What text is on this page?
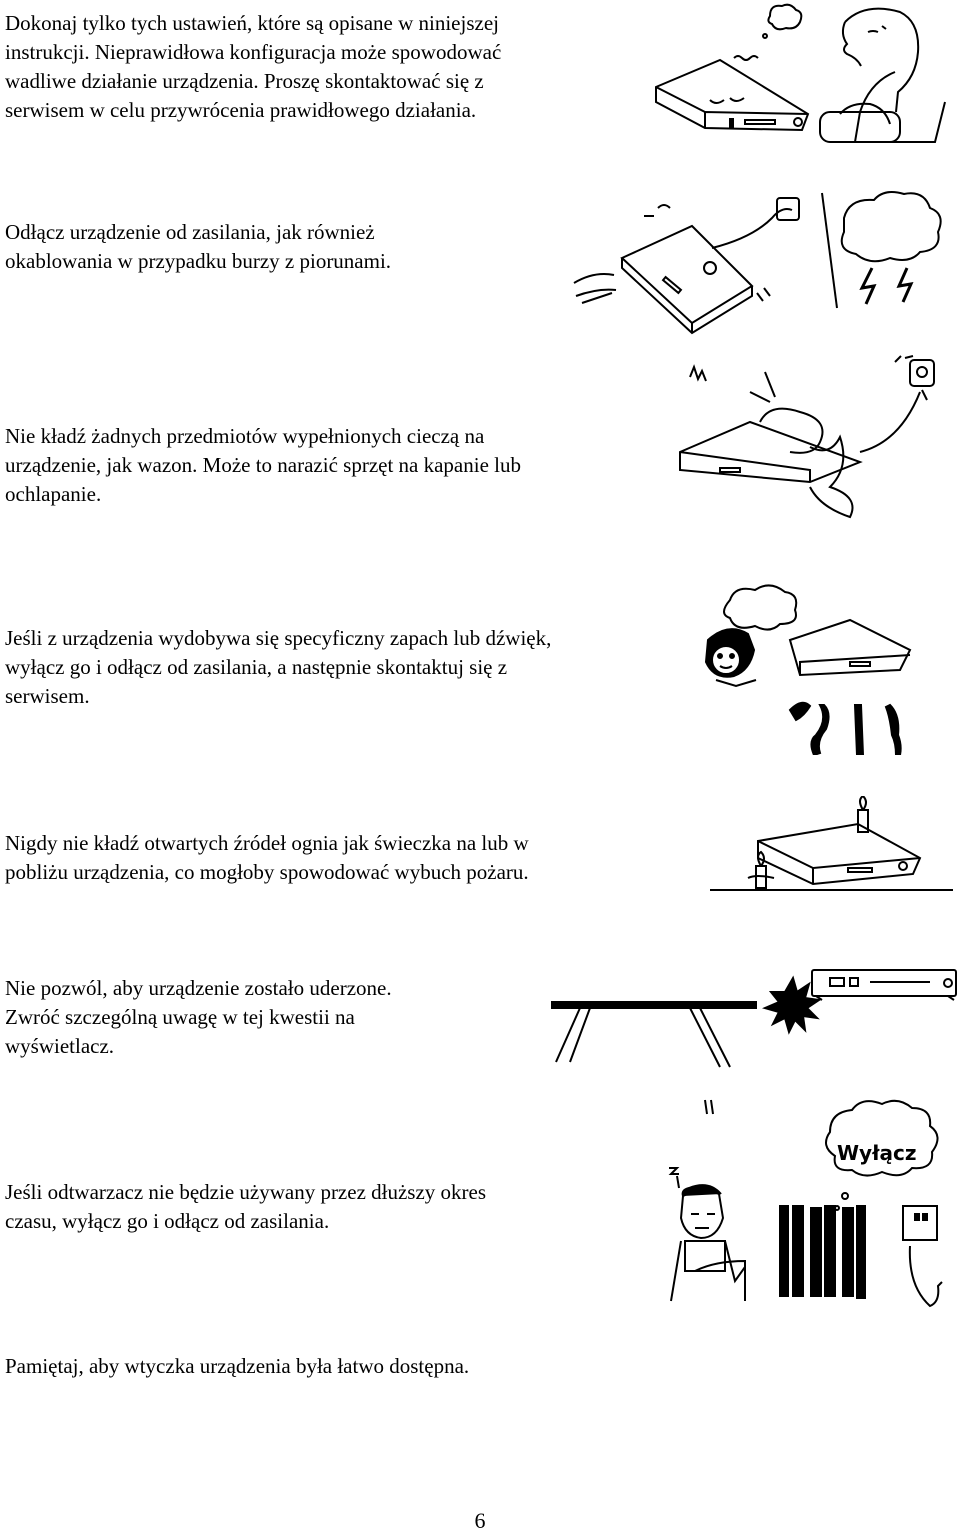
Dokonaj tylko tych ustawień, które są opisane w niniejszej
instrukcji. Nieprawidłowa konfiguracja może spowodować
wadliwe działanie urządzenia. Proszę skontaktować się z
serwisem w celu przywrócenia prawidłowego działania.

Odłącz urządzenie od zasilania, jak również
okablowania w przypadku burzy z piorunami.

Nie kładź żadnych przedmiotów wypełnionych cieczą na
urządzenie, jak wazon. Może to narazić sprzęt na kapanie lub
ochlapanie.

Jeśli z urządzenia wydobywa się specyficzny zapach lub dźwięk,
wyłącz go i odłącz od zasilania, a następnie skontaktuj się z
serwisem.

Nigdy nie kładź otwartych źródeł ognia jak świeczka na lub w
pobliżu urządzenia, co mogłoby spowodować wybuch pożaru.

Nie pozwól, aby urządzenie zostało uderzone.
Zwróć szczególną uwagę w tej kwestii na
wyświetlacz.

Jeśli odtwarzacz nie będzie używany przez dłuższy okres
czasu, wyłącz go i odłącz od zasilania.

Wyłącz

Pamiętaj, aby wtyczka urządzenia była łatwo dostępna.

6
